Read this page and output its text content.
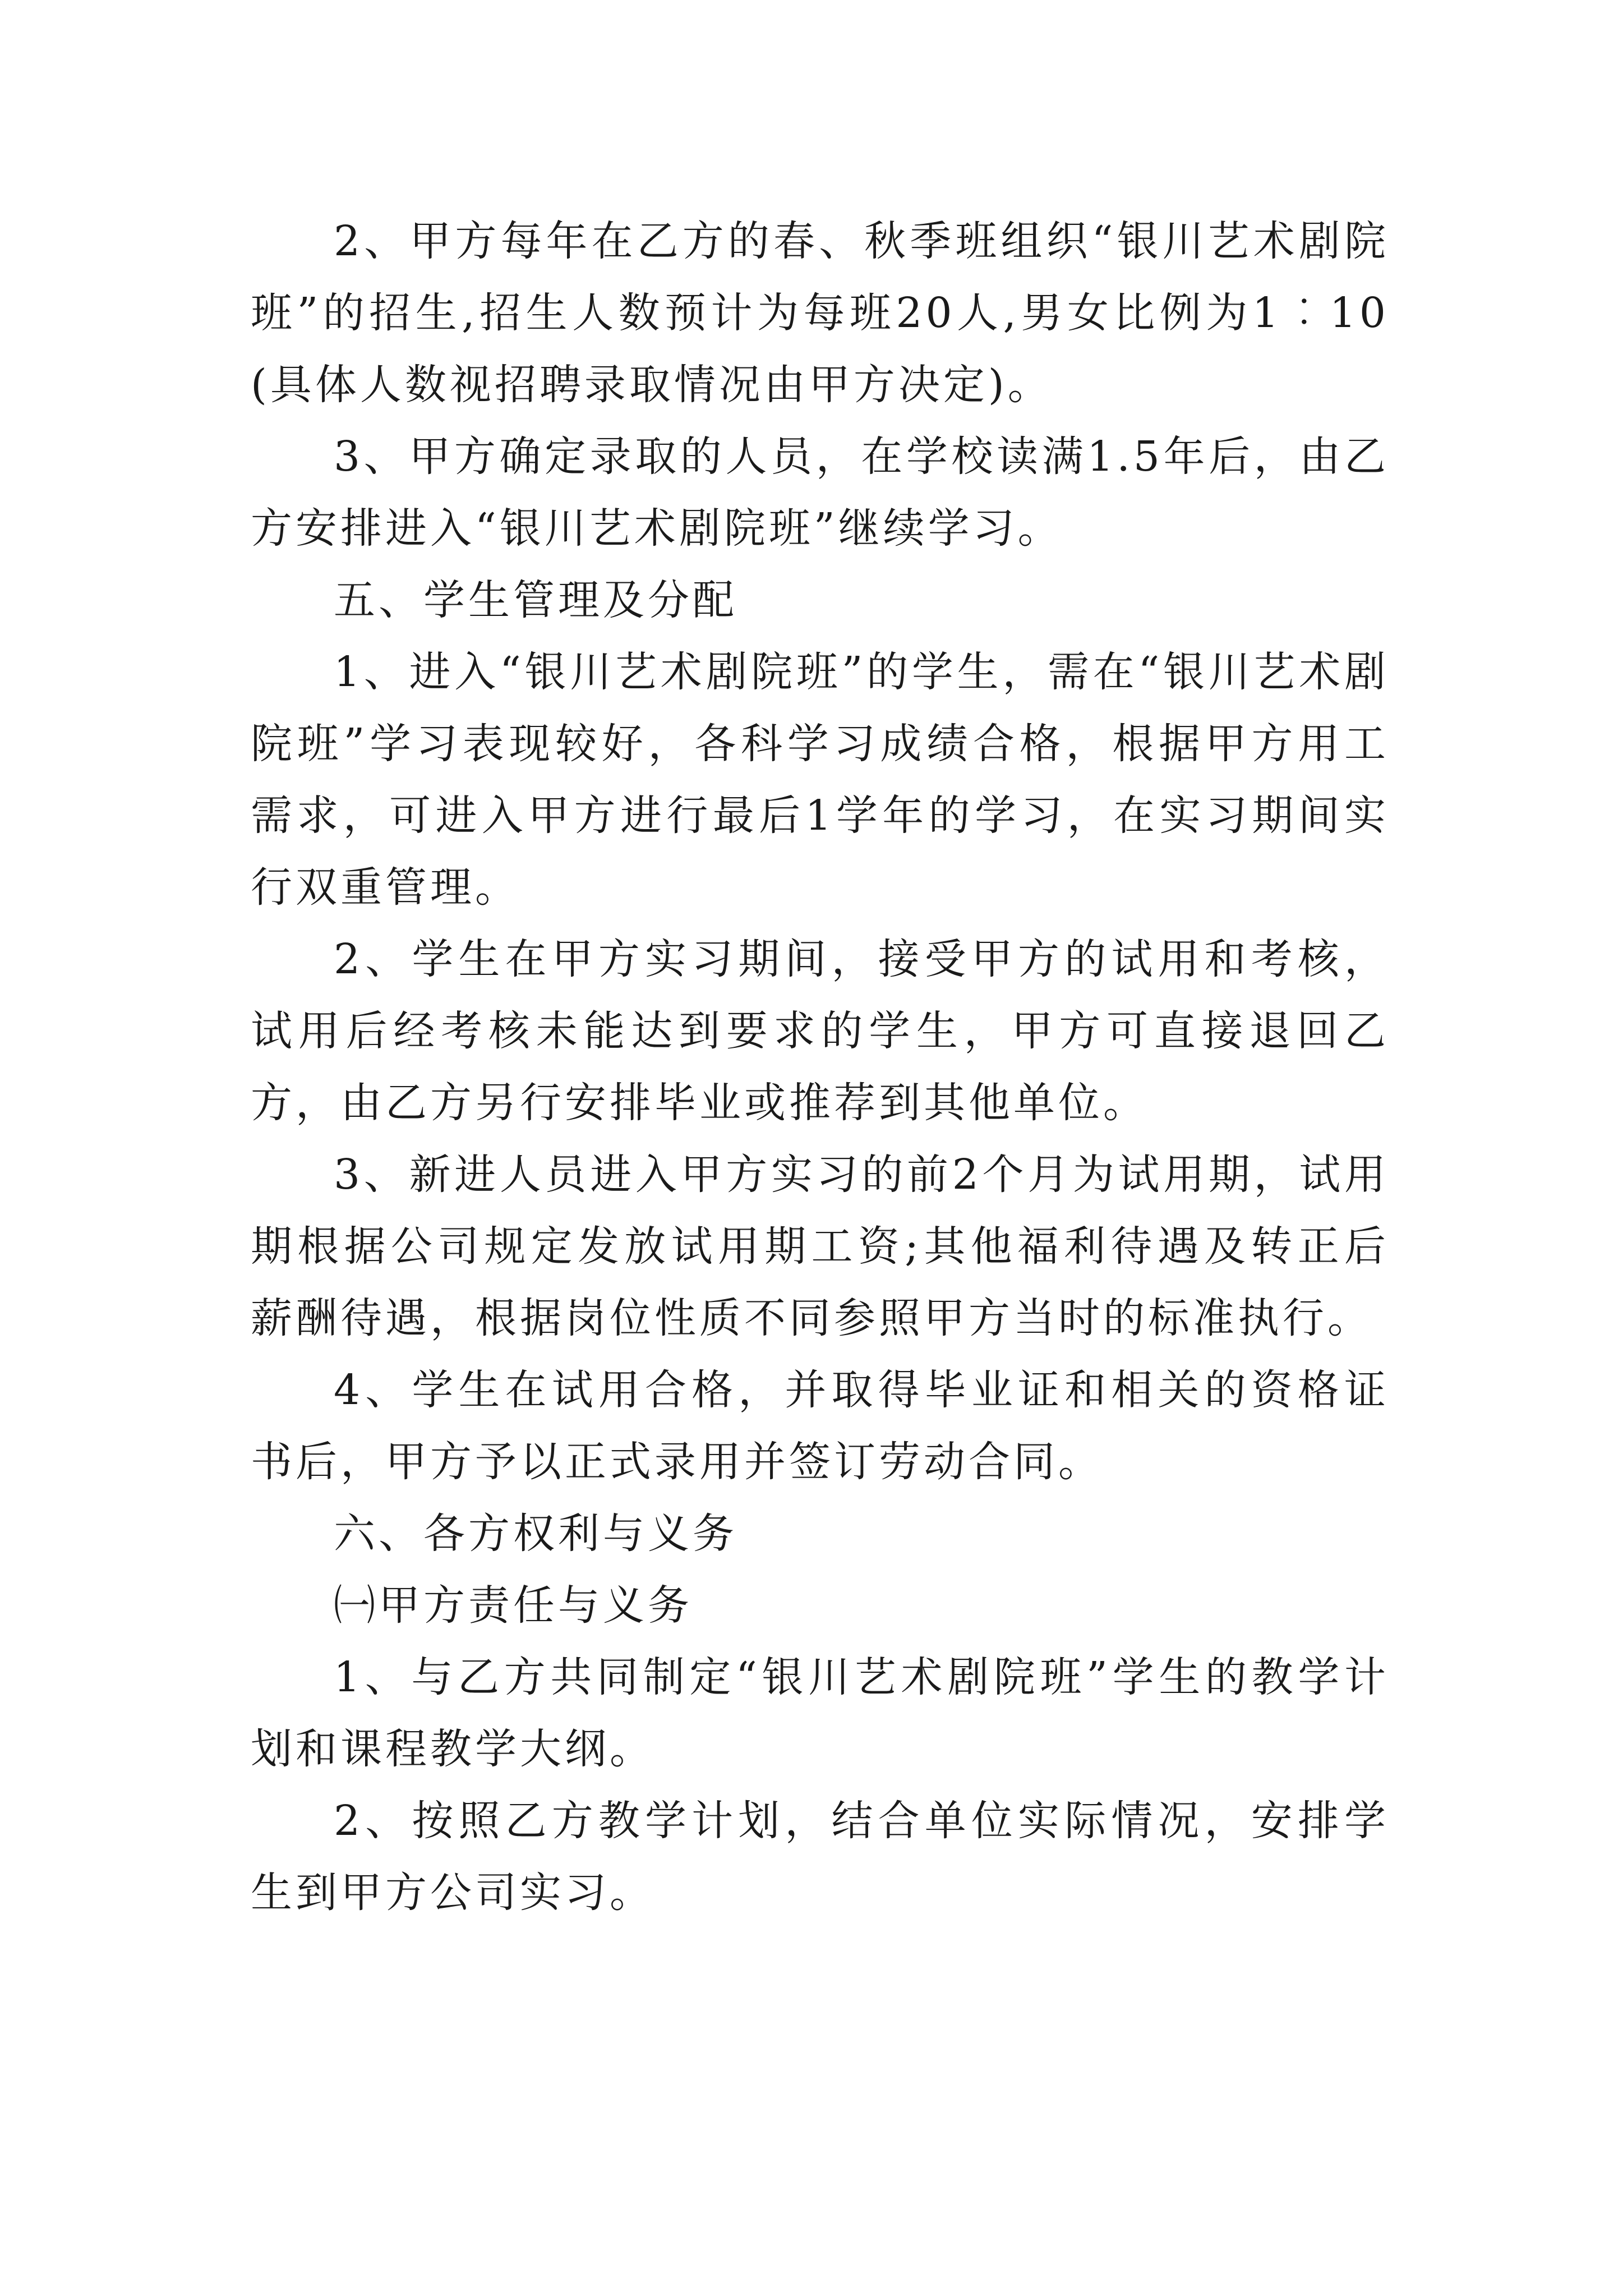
2、甲方每年在乙方的春、秋季班组织“银川艺术剧院班”的招生,招生人数预计为每班20人,男女比例为1︰10(具体人数视招聘录取情况由甲方决定)。

3、甲方确定录取的人员，在学校读满1.5年后，由乙方安排进入“银川艺术剧院班”继续学习。

五、学生管理及分配

1、进入“银川艺术剧院班”的学生，需在“银川艺术剧院班”学习表现较好，各科学习成绩合格，根据甲方用工需求，可进入甲方进行最后1学年的学习，在实习期间实行双重管理。

2、学生在甲方实习期间，接受甲方的试用和考核，试用后经考核未能达到要求的学生，甲方可直接退回乙方，由乙方另行安排毕业或推荐到其他单位。

3、新进人员进入甲方实习的前2个月为试用期，试用期根据公司规定发放试用期工资;其他福利待遇及转正后薪酬待遇，根据岗位性质不同参照甲方当时的标准执行。

4、学生在试用合格，并取得毕业证和相关的资格证书后，甲方予以正式录用并签订劳动合同。

六、各方权利与义务

㈠甲方责任与义务

1、与乙方共同制定“银川艺术剧院班”学生的教学计划和课程教学大纲。

2、按照乙方教学计划，结合单位实际情况，安排学生到甲方公司实习。
